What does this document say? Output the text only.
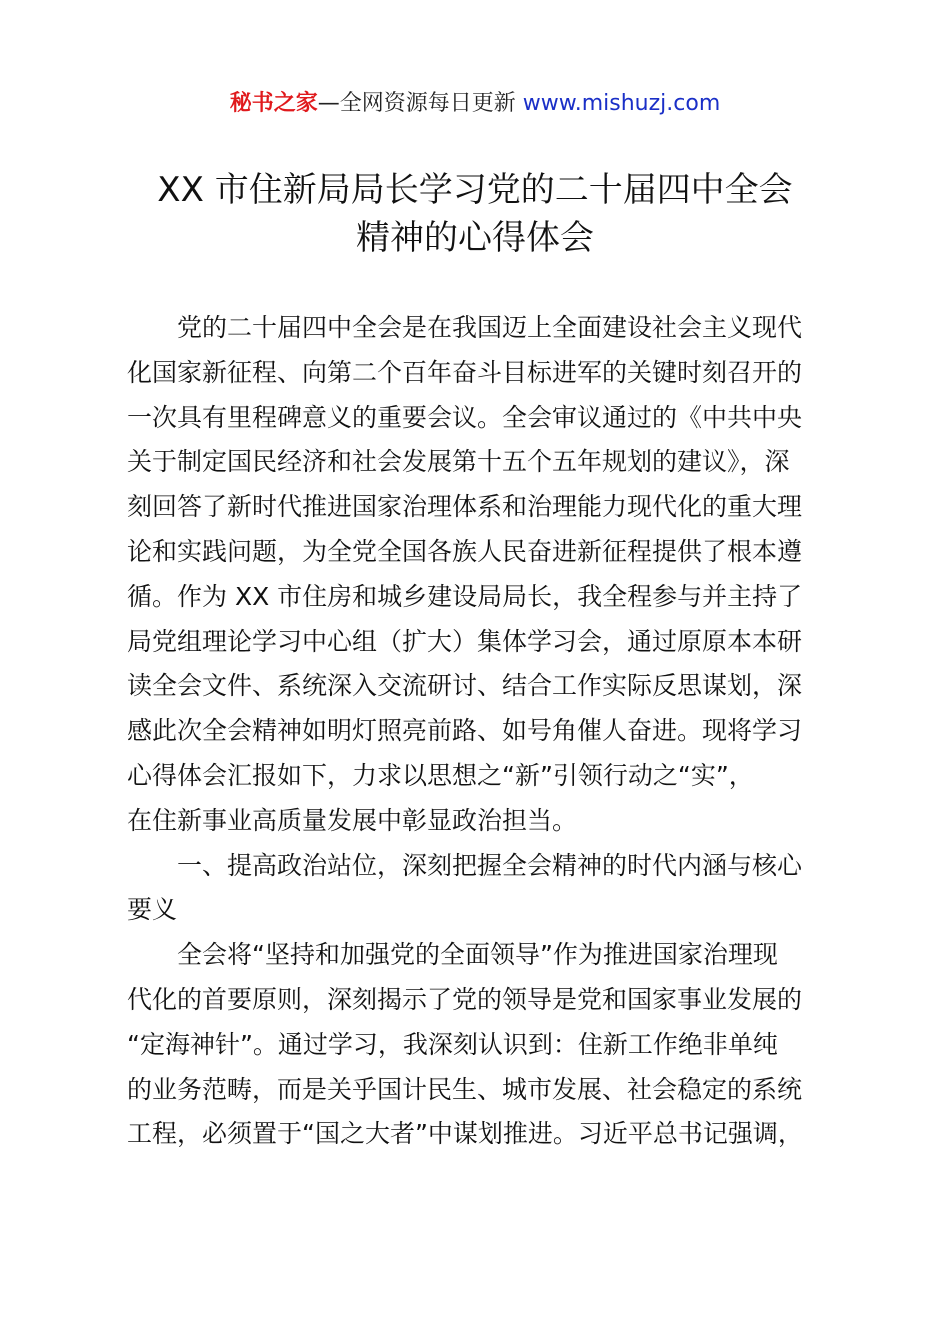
秘书之家—全网资源每日更新 www.mishuzj.com
XX 市住新局局长学习党的二十届四中全会
精神的心得体会
党的二十届四中全会是在我国迈上全面建设社会主义现代
化国家新征程、向第二个百年奋斗目标进军的关键时刻召开的
一次具有里程碑意义的重要会议。全会审议通过的《中共中央
关于制定国民经济和社会发展第十五个五年规划的建议》，深
刻回答了新时代推进国家治理体系和治理能力现代化的重大理
论和实践问题，为全党全国各族人民奋进新征程提供了根本遵
循。作为 XX 市住房和城乡建设局局长，我全程参与并主持了
局党组理论学习中心组（扩大）集体学习会，通过原原本本研
读全会文件、系统深入交流研讨、结合工作实际反思谋划，深
感此次全会精神如明灯照亮前路、如号角催人奋进。现将学习
心得体会汇报如下，力求以思想之“新”引领行动之“实”，
在住新事业高质量发展中彰显政治担当。
一、提高政治站位，深刻把握全会精神的时代内涵与核心
要义
全会将“坚持和加强党的全面领导”作为推进国家治理现
代化的首要原则，深刻揭示了党的领导是党和国家事业发展的
“定海神针”。通过学习，我深刻认识到：住新工作绝非单纯
的业务范畴，而是关乎国计民生、城市发展、社会稳定的系统
工程，必须置于“国之大者”中谋划推进。习近平总书记强调，
